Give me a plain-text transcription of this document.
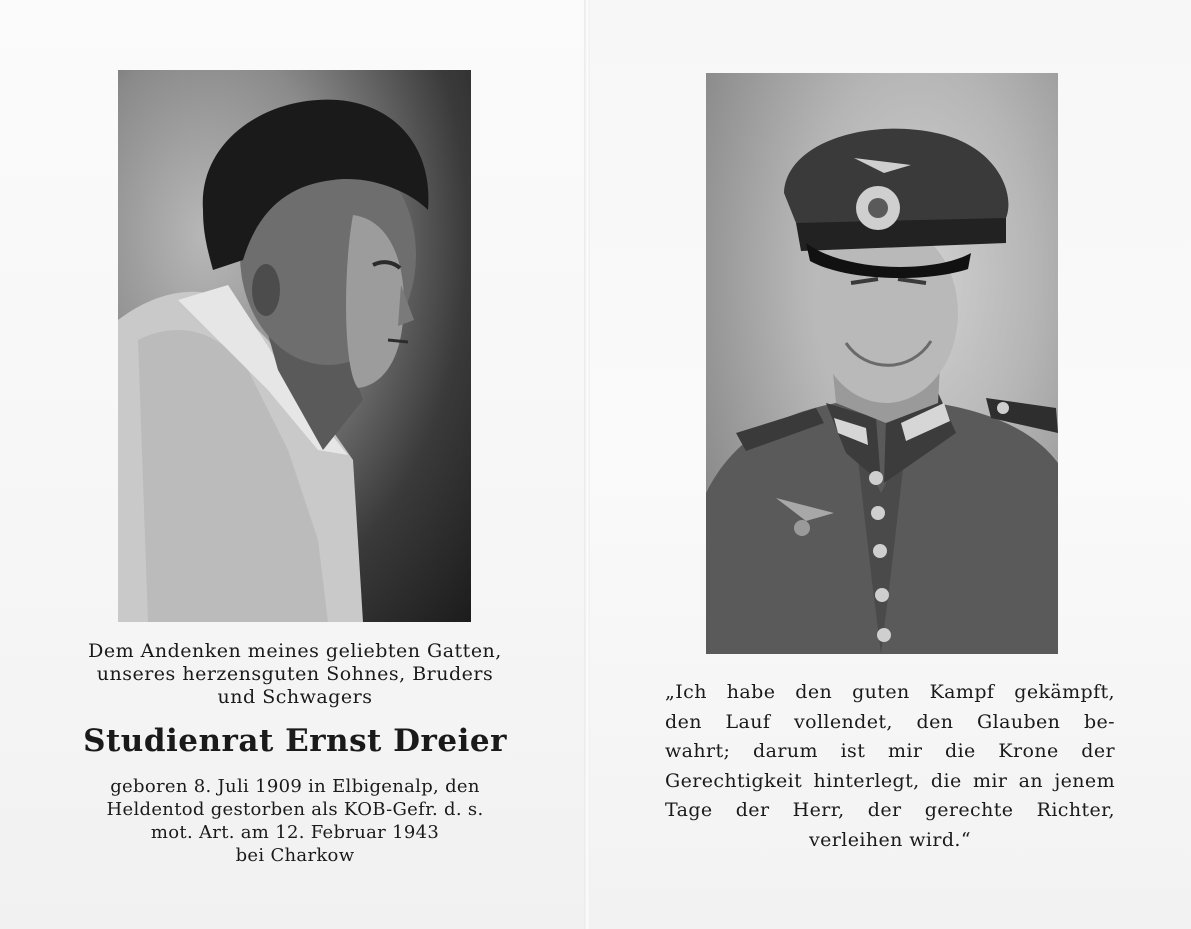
Dem Andenken meines geliebten Gatten,
unseres herzensguten Sohnes, Bruders
und Schwagers
Studienrat Ernst Dreier
geboren 8. Juli 1909 in Elbigenalp, den
Heldentod gestorben als KOB-Gefr. d. s.
mot. Art. am 12. Februar 1943
bei Charkow
„Ich habe den guten Kampf gekämpft,
den Lauf vollendet, den Glauben be-
wahrt; darum ist mir die Krone der
Gerechtigkeit hinterlegt, die mir an jenem
Tage der Herr, der gerechte Richter,
verleihen wird.“
